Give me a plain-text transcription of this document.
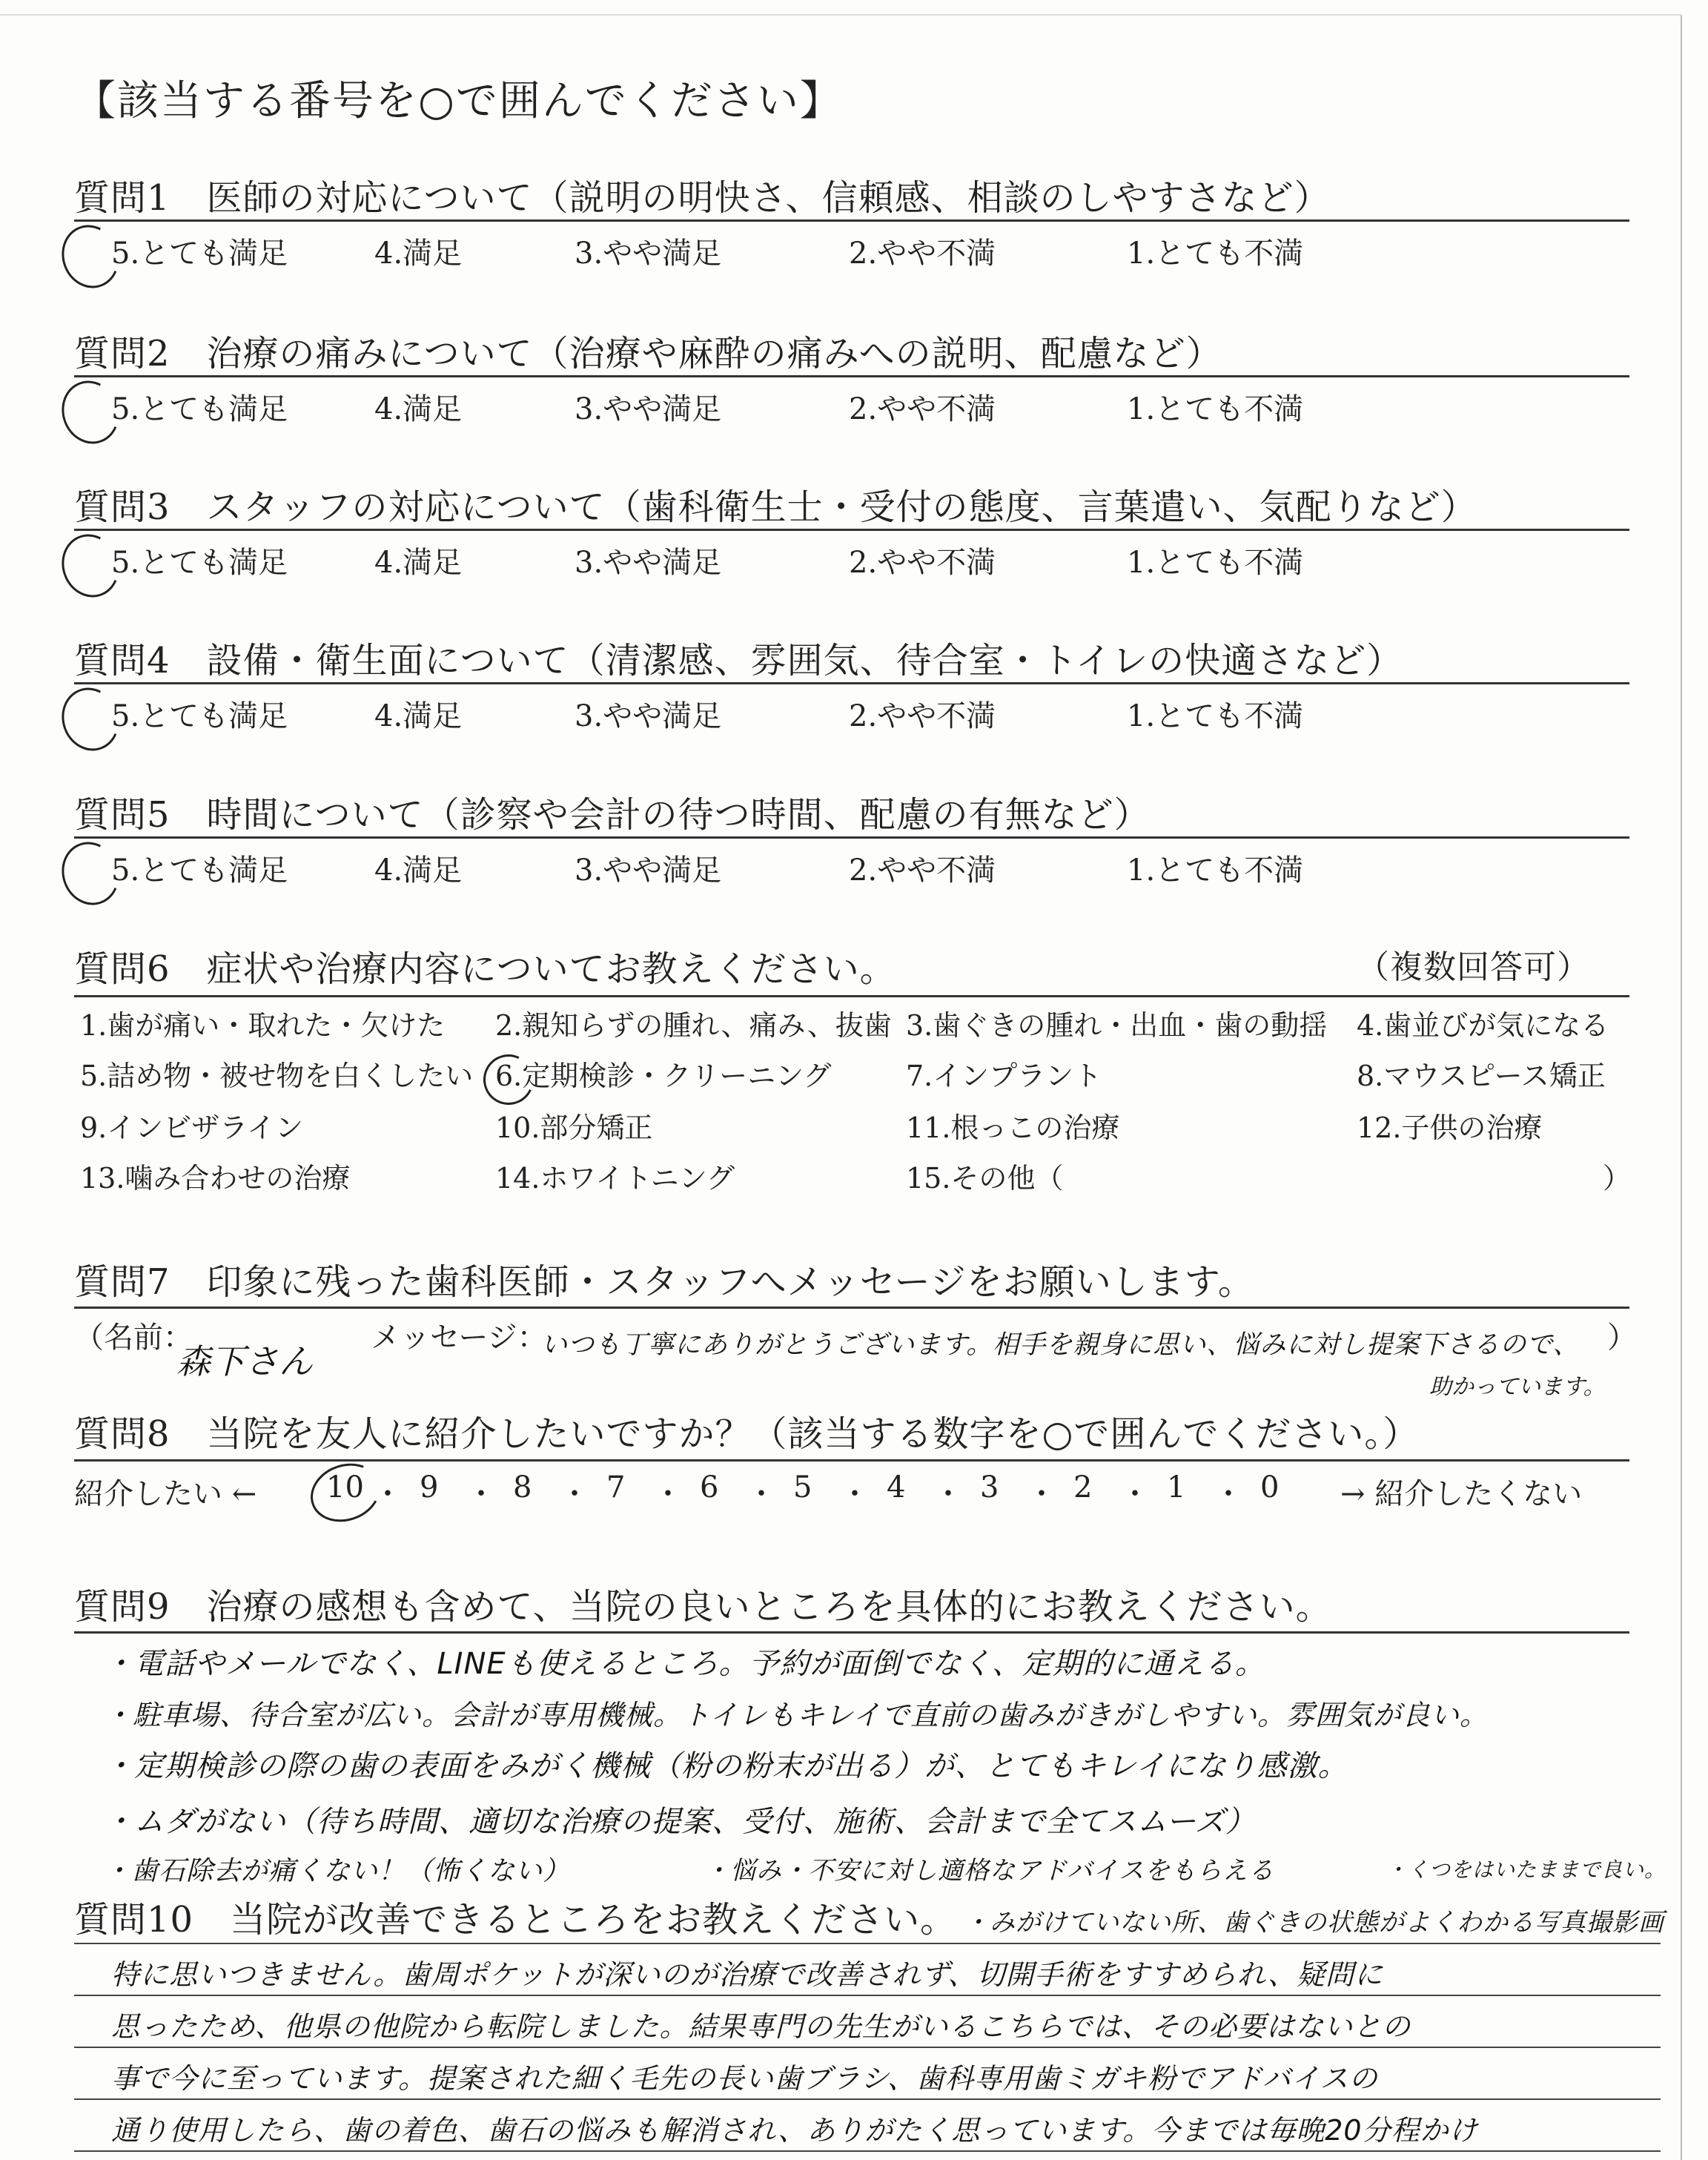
【該当する番号を○で囲んでください】
質問1　医師の対応について（説明の明快さ、信頼感、相談のしやすさなど）
5.とても満足	4.満足	3.やや満足	2.やや不満	1.とても不満
質問2　治療の痛みについて（治療や麻酔の痛みへの説明、配慮など）
5.とても満足	4.満足	3.やや満足	2.やや不満	1.とても不満
質問3　スタッフの対応について（歯科衛生士・受付の態度、言葉遣い、気配りなど）
5.とても満足	4.満足	3.やや満足	2.やや不満	1.とても不満
質問4　設備・衛生面について（清潔感、雰囲気、待合室・トイレの快適さなど）
5.とても満足	4.満足	3.やや満足	2.やや不満	1.とても不満
質問5　時間について（診察や会計の待つ時間、配慮の有無など）
5.とても満足	4.満足	3.やや満足	2.やや不満	1.とても不満
質問6　症状や治療内容についてお教えください。	（複数回答可）
1.歯が痛い・取れた・欠けた 2.親知らずの腫れ、痛み、抜歯 3.歯ぐきの腫れ・出血・歯の動揺 4.歯並びが気になる
5.詰め物・被せ物を白くしたい 6.定期検診・クリーニング	7.インプラント	8.マウスピース矯正
9.インビザライン	10.部分矯正	11.根っこの治療	12.子供の治療
13.噛み合わせの治療	14.ホワイトニング	15.その他（	）
質問7　印象に残った歯科医師・スタッフへメッセージをお願いします。
（名前：
森下さん
メッセージ：
いつも丁寧にありがとうございます。相手を親身に思い、悩みに対し提案下さるので、
助かっています。
）
質問8　当院を友人に紹介したいですか？（該当する数字を○で囲んでください。）
紹介したい ← 10 ・ 9 ・ 8 ・ 7 ・ 6 ・ 5 ・ 4 ・ 3 ・ 2 ・ 1 ・ 0 → 紹介したくない
質問9　治療の感想も含めて、当院の良いところを具体的にお教えください。
・電話やメールでなく、LINEも使えるところ。予約が面倒でなく、定期的に通える。
・駐車場、待合室が広い。会計が専用機械。トイレもキレイで直前の歯みがきがしやすい。雰囲気が良い。
・定期検診の際の歯の表面をみがく機械（粉の粉末が出る）が、とてもキレイになり感激。
・ムダがない（待ち時間、適切な治療の提案、受付、施術、会計まで全てスムーズ）
・歯石除去が痛くない！（怖くない）	・悩み・不安に対し適格なアドバイスをもらえる	・くつをはいたままで良い。
・みがけていない所、歯ぐきの状態がよくわかる写真撮影画
質問10　当院が改善できるところをお教えください。
特に思いつきません。歯周ポケットが深いのが治療で改善されず、切開手術をすすめられ、疑問に
思ったため、他県の他院から転院しました。結果専門の先生がいるこちらでは、その必要はないとの
事で今に至っています。提案された細く毛先の長い歯ブラシ、歯科専用歯ミガキ粉でアドバイスの
通り使用したら、歯の着色、歯石の悩みも解消され、ありがたく思っています。今までは毎晩20分程かけ
